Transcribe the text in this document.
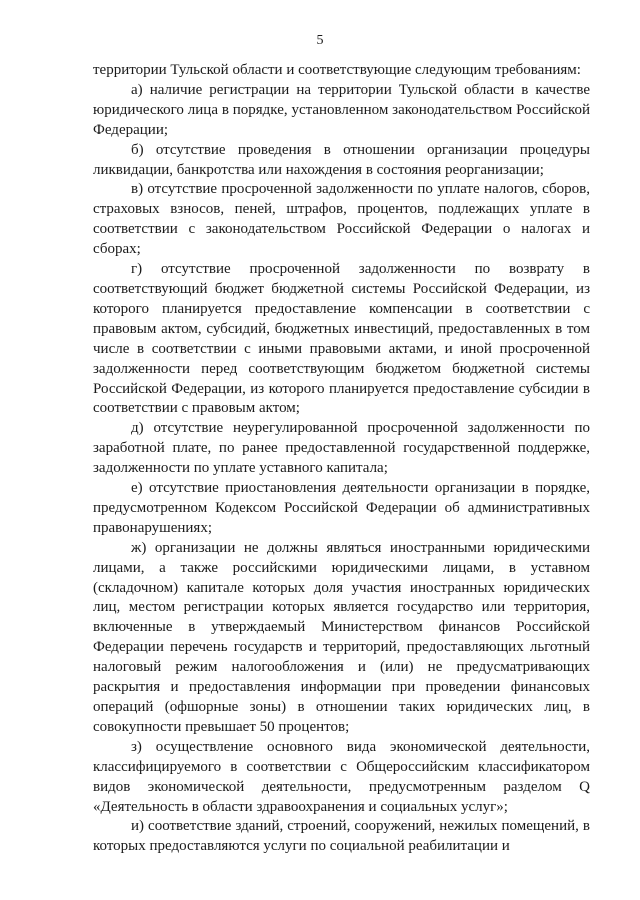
5

территории Тульской области и соответствующие следующим требованиям:

а) наличие регистрации на территории Тульской области в качестве юридического лица в порядке, установленном законодательством Российской Федерации;

б) отсутствие проведения в отношении организации процедуры ликвидации, банкротства или нахождения в состояния реорганизации;

в) отсутствие просроченной задолженности по уплате налогов, сборов, страховых взносов, пеней, штрафов, процентов, подлежащих уплате в соответствии с законодательством Российской Федерации о налогах и сборах;

г) отсутствие просроченной задолженности по возврату в соответствующий бюджет бюджетной системы Российской Федерации, из которого планируется предоставление компенсации в соответствии с правовым актом, субсидий, бюджетных инвестиций, предоставленных в том числе в соответствии с иными правовыми актами, и иной просроченной задолженности перед соответствующим бюджетом бюджетной системы Российской Федерации, из которого планируется предоставление субсидии в соответствии с правовым актом;

д) отсутствие неурегулированной просроченной задолженности по заработной плате, по ранее предоставленной государственной поддержке, задолженности по уплате уставного капитала;

е) отсутствие приостановления деятельности организации в порядке, предусмотренном Кодексом Российской Федерации об административных правонарушениях;

ж) организации не должны являться иностранными юридическими лицами, а также российскими юридическими лицами, в уставном (складочном) капитале которых доля участия иностранных юридических лиц, местом регистрации которых является государство или территория, включенные в утверждаемый Министерством финансов Российской Федерации перечень государств и территорий, предоставляющих льготный налоговый режим налогообложения и (или) не предусматривающих раскрытия и предоставления информации при проведении финансовых операций (офшорные зоны) в отношении таких юридических лиц, в совокупности превышает 50 процентов;

з) осуществление основного вида экономической деятельности, классифицируемого в соответствии с Общероссийским классификатором видов экономической деятельности, предусмотренным разделом Q «Деятельность в области здравоохранения и социальных услуг»;

и) соответствие зданий, строений, сооружений, нежилых помещений, в которых предоставляются услуги по социальной реабилитации и
